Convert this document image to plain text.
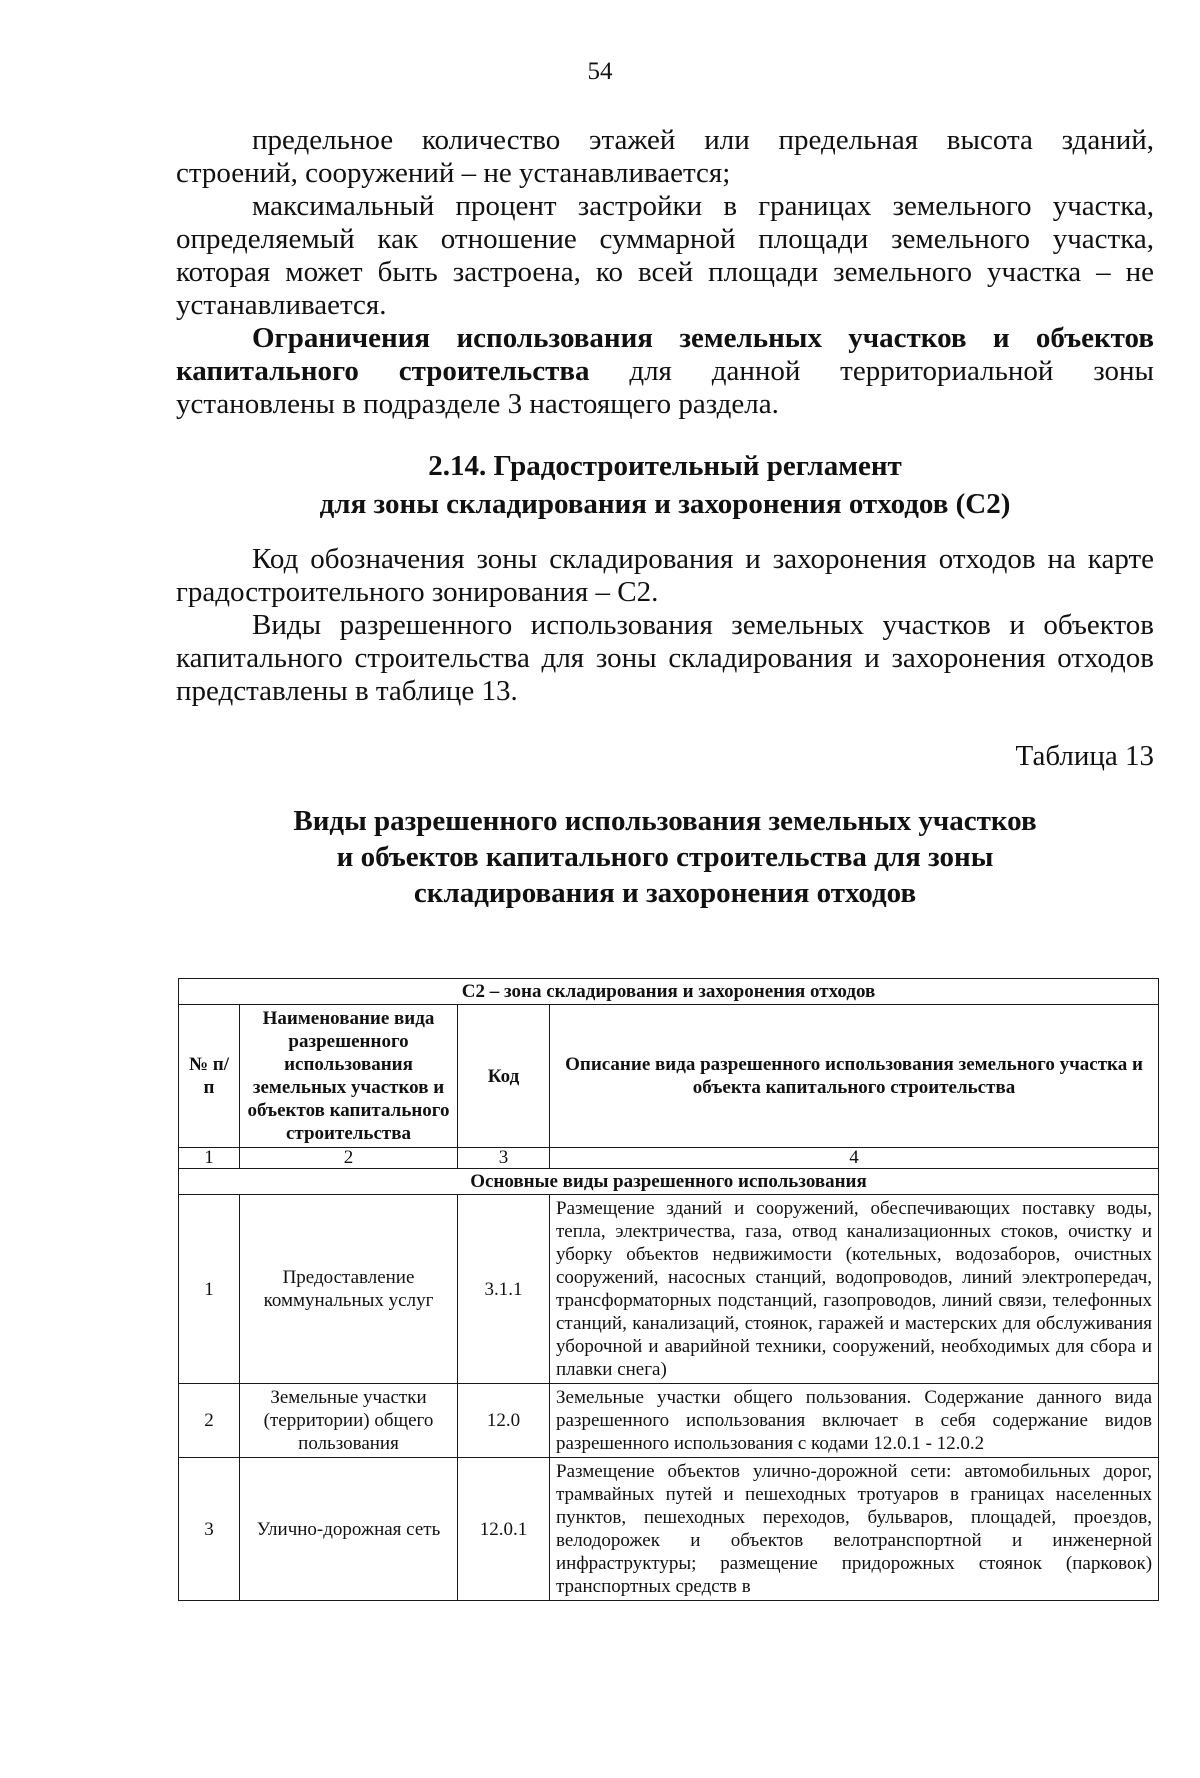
54

предельное количество этажей или предельная высота зданий, строений, сооружений – не устанавливается;

максимальный процент застройки в границах земельного участка, определяемый как отношение суммарной площади земельного участка, которая может быть застроена, ко всей площади земельного участка – не устанавливается.

Ограничения использования земельных участков и объектов капитального строительства для данной территориальной зоны установлены в подразделе 3 настоящего раздела.

2.14. Градостроительный регламент
для зоны складирования и захоронения отходов (С2)

Код обозначения зоны складирования и захоронения отходов на карте градостроительного зонирования – С2.

Виды разрешенного использования земельных участков и объектов капитального строительства для зоны складирования и захоронения отходов представлены в таблице 13.

Таблица 13
Виды разрешенного использования земельных участков
и объектов капитального строительства для зоны
складирования и захоронения отходов
С2 – зона складирования и захоронения отходов			
№ п/п	Наименование вида разрешенного использования земельных участков и объектов капитального строительства	Код	Описание вида разрешенного использования земельного участка и объекта капитального строительства
1	2	3	4
Основные виды разрешенного использования			
1	Предоставление коммунальных услуг	3.1.1	Размещение зданий и сооружений, обеспечивающих поставку воды, тепла, электричества, газа, отвод канализационных стоков, очистку и уборку объектов недвижимости (котельных, водозаборов, очистных сооружений, насосных станций, водопроводов, линий электропередач, трансформаторных подстанций, газопроводов, линий связи, телефонных станций, канализаций, стоянок, гаражей и мастерских для обслуживания уборочной и аварийной техники, сооружений, необходимых для сбора и плавки снега)
2	Земельные участки (территории) общего пользования	12.0	Земельные участки общего пользования. Содержание данного вида разрешенного использования включает в себя содержание видов разрешенного использования с кодами 12.0.1 - 12.0.2
3	Улично-дорожная сеть	12.0.1	Размещение объектов улично-дорожной сети: автомобильных дорог, трамвайных путей и пешеходных тротуаров в границах населенных пунктов, пешеходных переходов, бульваров, площадей, проездов, велодорожек и объектов велотранспортной и инженерной инфраструктуры; размещение придорожных стоянок (парковок) транспортных средств в
